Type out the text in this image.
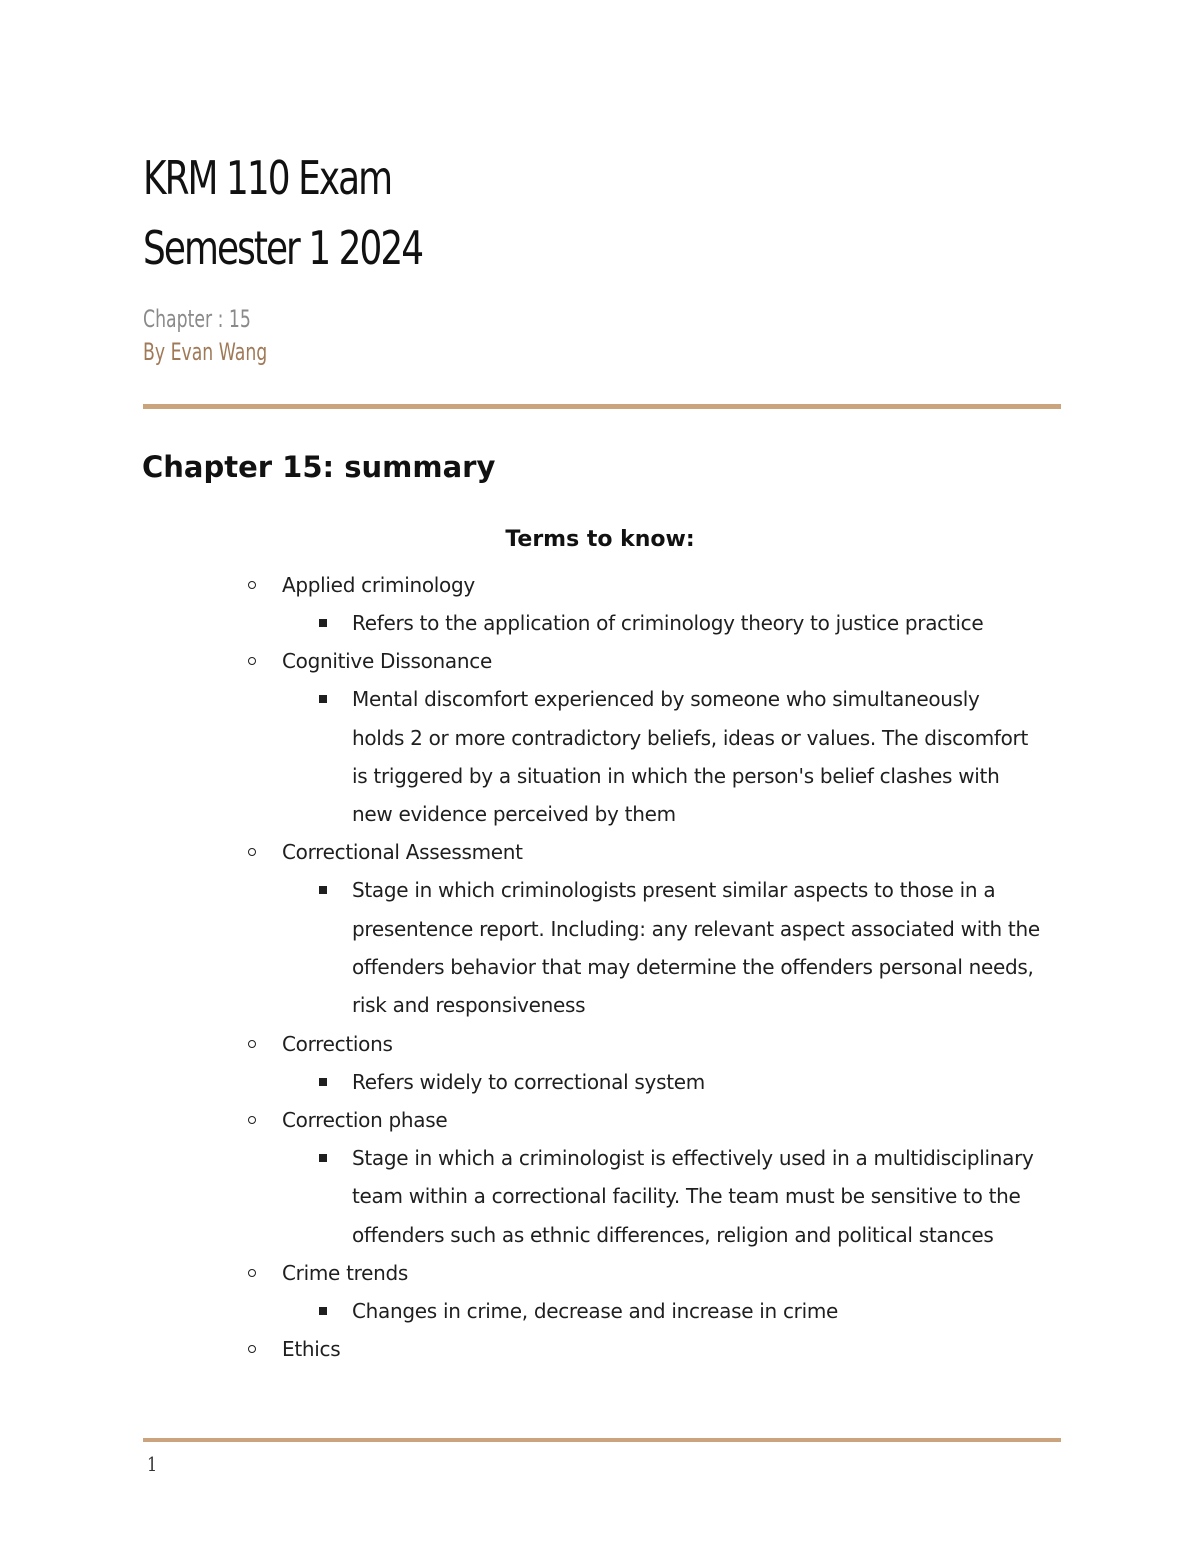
KRM 110 Exam
Semester 1 2024
Chapter : 15
By Evan Wang
Chapter 15: summary
Terms to know:
Applied criminology
Refers to the application of criminology theory to justice practice
Cognitive Dissonance
Mental discomfort experienced by someone who simultaneously
holds 2 or more contradictory beliefs, ideas or values. The discomfort
is triggered by a situation in which the person's belief clashes with
new evidence perceived by them
Correctional Assessment
Stage in which criminologists present similar aspects to those in a
presentence report. Including: any relevant aspect associated with the
offenders behavior that may determine the offenders personal needs,
risk and responsiveness
Corrections
Refers widely to correctional system
Correction phase
Stage in which a criminologist is effectively used in a multidisciplinary
team within a correctional facility. The team must be sensitive to the
offenders such as ethnic differences, religion and political stances
Crime trends
Changes in crime, decrease and increase in crime
Ethics
1
